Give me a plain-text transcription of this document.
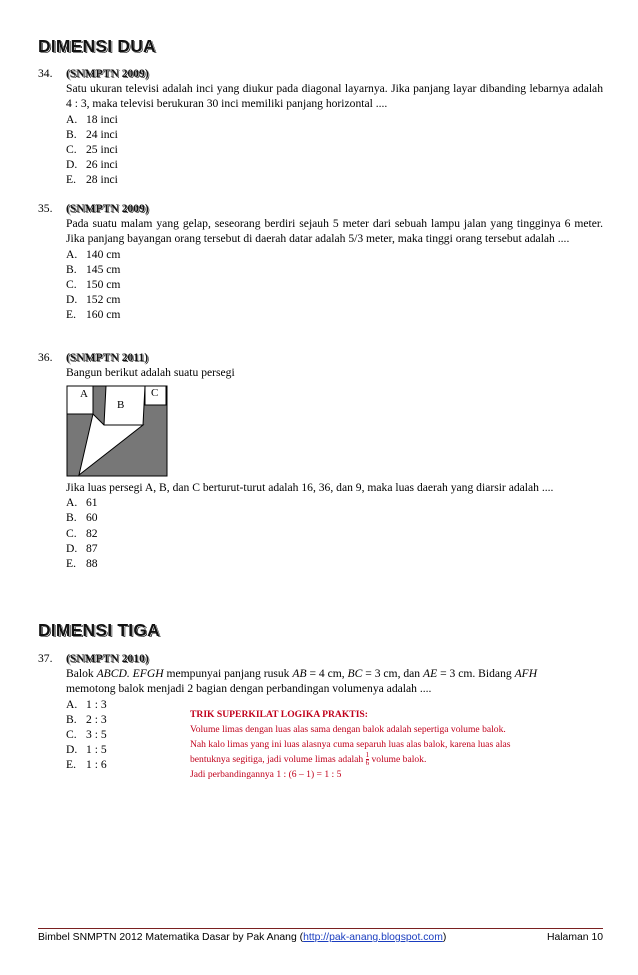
DIMENSI DUA
34.	(SNMPTN 2009)
Satu ukuran televisi adalah inci yang diukur pada diagonal layarnya. Jika panjang layar dibanding lebarnya adalah 4 : 3, maka televisi berukuran 30 inci memiliki panjang horizontal ....
A. 18 inci
B. 24 inci
C. 25 inci
D. 26 inci
E. 28 inci
35.	(SNMPTN 2009)
Pada suatu malam yang gelap, seseorang berdiri sejauh 5 meter dari sebuah lampu jalan yang tingginya 6 meter. Jika panjang bayangan orang tersebut di daerah datar adalah 5/3 meter, maka tinggi orang tersebut adalah ....
A. 140 cm
B. 145 cm
C. 150 cm
D. 152 cm
E. 160 cm
36.	(SNMPTN 2011)
Bangun berikut adalah suatu persegi
A
B
C
Jika luas persegi A, B, dan C berturut-turut adalah 16, 36, dan 9, maka luas daerah yang diarsir adalah ....
A. 61
B. 60
C. 82
D. 87
E. 88
DIMENSI TIGA
37.	(SNMPTN 2010)
Balok ABCD. EFGH mempunyai panjang rusuk AB = 4 cm, BC = 3 cm, dan AE = 3 cm. Bidang AFH
memotong balok menjadi 2 bagian dengan perbandingan volumenya adalah ....
A. 1 : 3
B. 2 : 3
C. 3 : 5
D. 1 : 5
E. 1 : 6
TRIK SUPERKILAT LOGIKA PRAKTIS:
Volume limas dengan luas alas sama dengan balok adalah sepertiga volume balok.
Nah kalo limas yang ini luas alasnya cuma separuh luas alas balok, karena luas alas
bentuknya segitiga, jadi volume limas adalah $\frac{1}{6}$ volume balok.
Jadi perbandingannya 1 : (6 – 1) = 1 : 5
Bimbel SNMPTN 2012 Matematika Dasar by Pak Anang (http://pak-anang.blogspot.com)	Halaman 10
